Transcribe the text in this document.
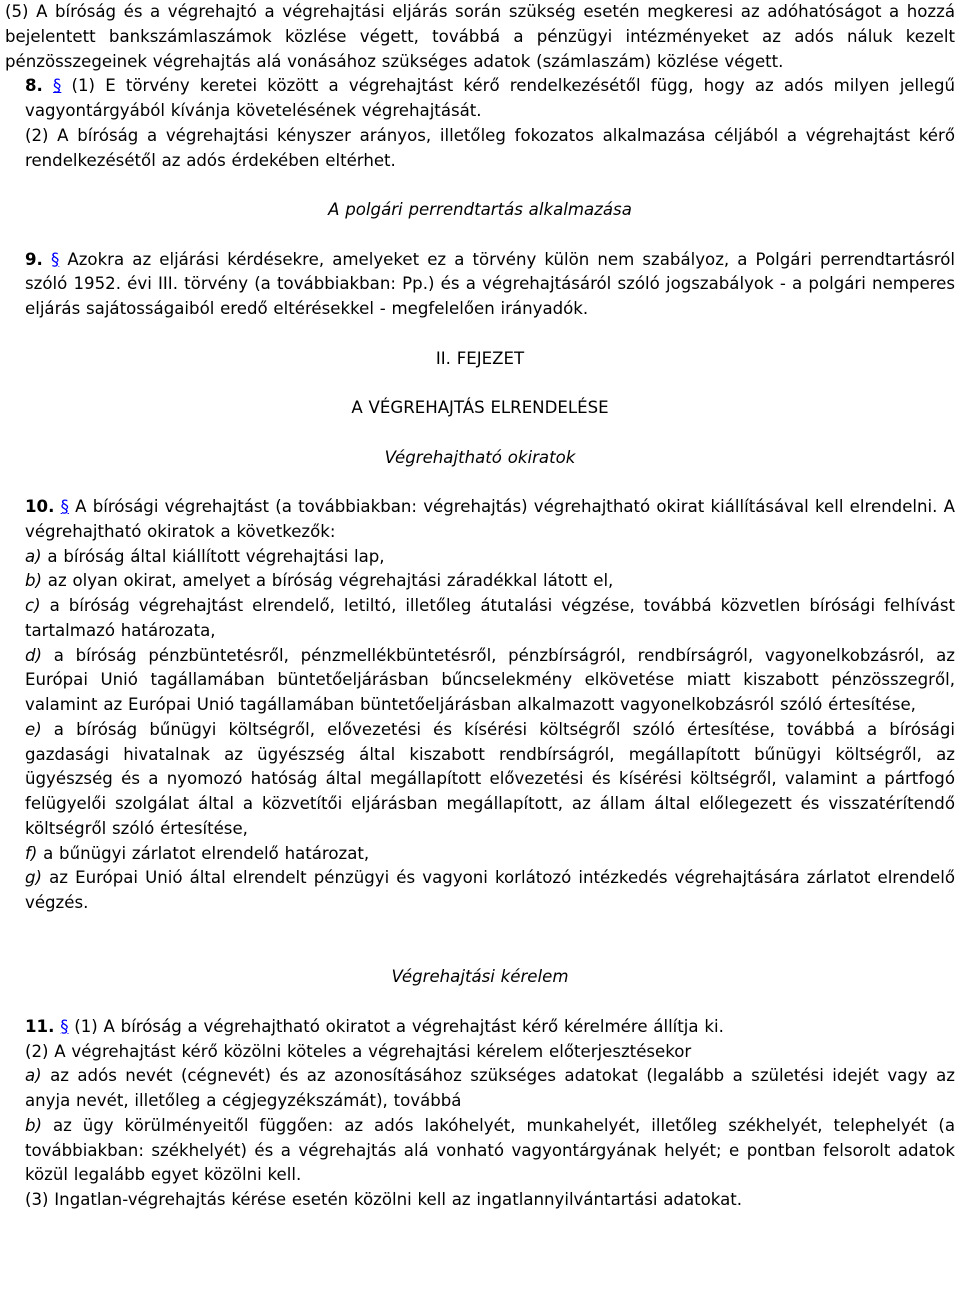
(5) A bíróság és a végrehajtó a végrehajtási eljárás során szükség esetén megkeresi az adóhatóságot a hozzá bejelentett bankszámlaszámok közlése végett, továbbá a pénzügyi intézményeket az adós náluk kezelt pénzösszegeinek végrehajtás alá vonásához szükséges adatok (számlaszám) közlése végett.

8. § (1) E törvény keretei között a végrehajtást kérő rendelkezésétől függ, hogy az adós milyen jellegű vagyontárgyából kívánja követelésének végrehajtását.

(2) A bíróság a végrehajtási kényszer arányos, illetőleg fokozatos alkalmazása céljából a végrehajtást kérő rendelkezésétől az adós érdekében eltérhet.

A polgári perrendtartás alkalmazása

9. § Azokra az eljárási kérdésekre, amelyeket ez a törvény külön nem szabályoz, a Polgári perrendtartásról szóló 1952. évi III. törvény (a továbbiakban: Pp.) és a végrehajtásáról szóló jogszabályok - a polgári nemperes eljárás sajátosságaiból eredő eltérésekkel - megfelelően irányadók.

II. FEJEZET
A VÉGREHAJTÁS ELRENDELÉSE
Végrehajtható okiratok

10. § A bírósági végrehajtást (a továbbiakban: végrehajtás) végrehajtható okirat kiállításával kell elrendelni. A végrehajtható okiratok a következők:

a) a bíróság által kiállított végrehajtási lap,

b) az olyan okirat, amelyet a bíróság végrehajtási záradékkal látott el,

c) a bíróság végrehajtást elrendelő, letiltó, illetőleg átutalási végzése, továbbá közvetlen bírósági felhívást tartalmazó határozata,

d) a bíróság pénzbüntetésről, pénzmellékbüntetésről, pénzbírságról, rendbírságról, vagyonelkobzásról, az Európai Unió tagállamában büntetőeljárásban bűncselekmény elkövetése miatt kiszabott pénzösszegről, valamint az Európai Unió tagállamában büntetőeljárásban alkalmazott vagyonelkobzásról szóló értesítése,

e) a bíróság bűnügyi költségről, elővezetési és kísérési költségről szóló értesítése, továbbá a bírósági gazdasági hivatalnak az ügyészség által kiszabott rendbírságról, megállapított bűnügyi költségről, az ügyészség és a nyomozó hatóság által megállapított elővezetési és kísérési költségről, valamint a pártfogó felügyelői szolgálat által a közvetítői eljárásban megállapított, az állam által előlegezett és visszatérítendő költségről szóló értesítése,

f) a bűnügyi zárlatot elrendelő határozat,

g) az Európai Unió által elrendelt pénzügyi és vagyoni korlátozó intézkedés végrehajtására zárlatot elrendelő végzés.

Végrehajtási kérelem

11. § (1) A bíróság a végrehajtható okiratot a végrehajtást kérő kérelmére állítja ki.

(2) A végrehajtást kérő közölni köteles a végrehajtási kérelem előterjesztésekor

a) az adós nevét (cégnevét) és az azonosításához szükséges adatokat (legalább a születési idejét vagy az anyja nevét, illetőleg a cégjegyzékszámát), továbbá

b) az ügy körülményeitől függően: az adós lakóhelyét, munkahelyét, illetőleg székhelyét, telephelyét (a továbbiakban: székhelyét) és a végrehajtás alá vonható vagyontárgyának helyét; e pontban felsorolt adatok közül legalább egyet közölni kell.

(3) Ingatlan-végrehajtás kérése esetén közölni kell az ingatlannyilvántartási adatokat.
